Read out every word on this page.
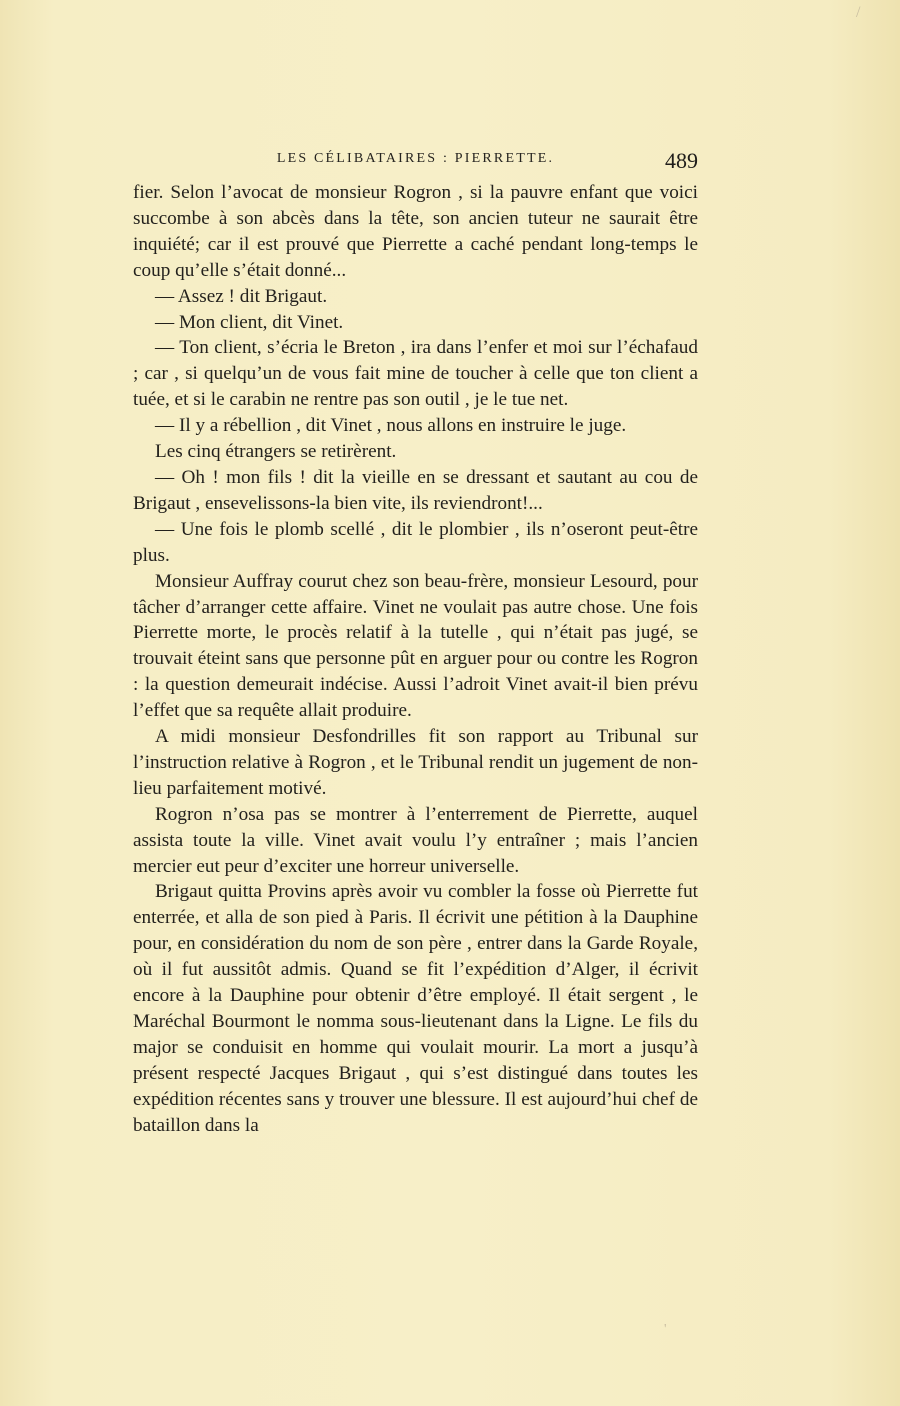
/
LES CÉLIBATAIRES : PIERRETTE.	489

fier. Selon l’avocat de monsieur Rogron , si la pauvre enfant que voici succombe à son abcès dans la tête, son ancien tuteur ne saurait être inquiété; car il est prouvé que Pierrette a caché pendant long-temps le coup qu’elle s’était donné...

— Assez ! dit Brigaut.

— Mon client, dit Vinet.

— Ton client, s’écria le Breton , ira dans l’enfer et moi sur l’échafaud ; car , si quelqu’un de vous fait mine de toucher à celle que ton client a tuée, et si le carabin ne rentre pas son outil , je le tue net.

— Il y a rébellion , dit Vinet , nous allons en instruire le juge.

Les cinq étrangers se retirèrent.

— Oh ! mon fils ! dit la vieille en se dressant et sautant au cou de Brigaut , ensevelissons-la bien vite, ils reviendront!...

— Une fois le plomb scellé , dit le plombier , ils n’oseront peut-être plus.

Monsieur Auffray courut chez son beau-frère, monsieur Lesourd, pour tâcher d’arranger cette affaire. Vinet ne voulait pas autre chose. Une fois Pierrette morte, le procès relatif à la tutelle , qui n’était pas jugé, se trouvait éteint sans que personne pût en arguer pour ou contre les Rogron : la question demeurait indécise. Aussi l’adroit Vinet avait-il bien prévu l’effet que sa requête allait produire.

A midi monsieur Desfondrilles fit son rapport au Tribunal sur l’instruction relative à Rogron , et le Tribunal rendit un jugement de non-lieu parfaitement motivé.

Rogron n’osa pas se montrer à l’enterrement de Pierrette, auquel assista toute la ville. Vinet avait voulu l’y entraîner ; mais l’ancien mercier eut peur d’exciter une horreur universelle.

Brigaut quitta Provins après avoir vu combler la fosse où Pierrette fut enterrée, et alla de son pied à Paris. Il écrivit une pétition à la Dauphine pour, en considération du nom de son père , entrer dans la Garde Royale, où il fut aussitôt admis. Quand se fit l’expédition d’Alger, il écrivit encore à la Dauphine pour obtenir d’être employé. Il était sergent , le Maréchal Bourmont le nomma sous-lieutenant dans la Ligne. Le fils du major se conduisit en homme qui voulait mourir. La mort a jusqu’à présent respecté Jacques Brigaut , qui s’est distingué dans toutes les expédition récentes sans y trouver une blessure. Il est aujourd’hui chef de bataillon dans la

'
